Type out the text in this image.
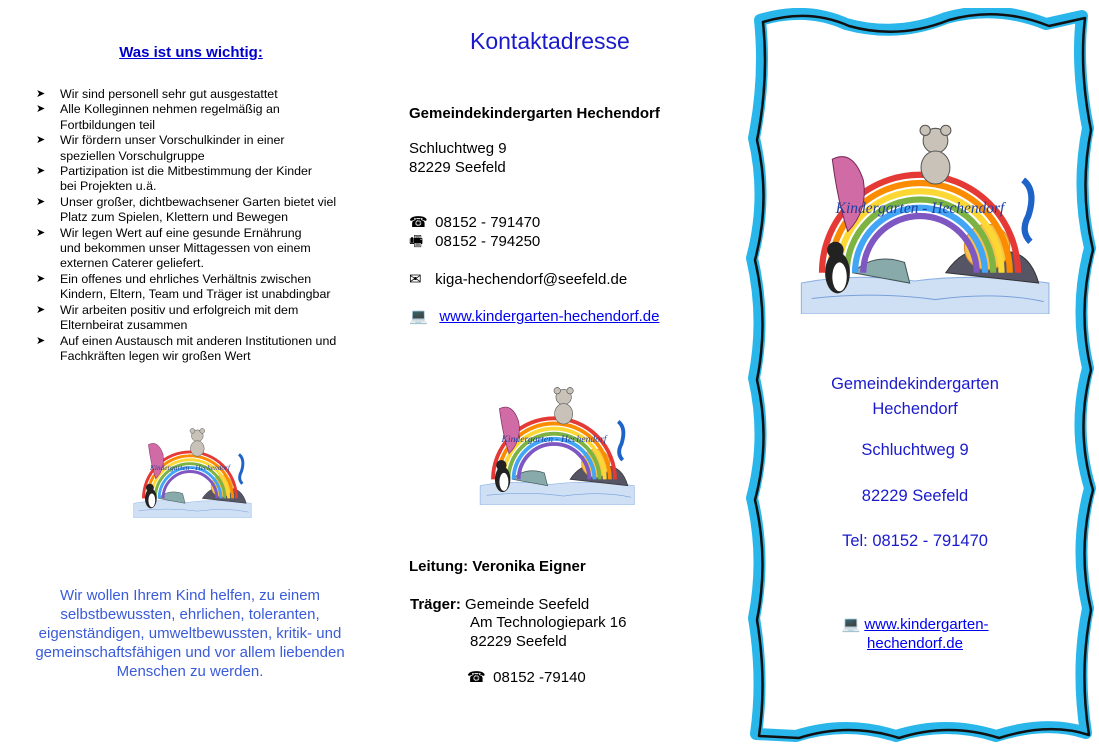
Was ist uns wichtig:
➤ Wir sind personell sehr gut ausgestattet
➤ Alle Kolleginnen nehmen regelmäßig an
Fortbildungen teil
➤ Wir fördern unser Vorschulkinder in einer
speziellen Vorschulgruppe
➤ Partizipation ist die Mitbestimmung der Kinder
bei Projekten u.ä.
➤ Unser großer, dichtbewachsener Garten bietet viel
Platz zum Spielen, Klettern und Bewegen
➤ Wir legen Wert auf eine gesunde Ernährung
und bekommen unser Mittagessen von einem
externen Caterer geliefert.
➤ Ein offenes und ehrliches Verhältnis zwischen
Kindern, Eltern, Team und Träger ist unabdingbar
➤ Wir arbeiten positiv und erfolgreich mit dem
Elternbeirat zusammen
➤ Auf einen Austausch mit anderen Institutionen und
Fachkräften legen wir großen Wert
Kindergarten - Hechendorf
Wir wollen Ihrem Kind helfen, zu einem
selbstbewussten, ehrlichen, toleranten,
eigenständigen, umweltbewussten, kritik- und
gemeinschaftsfähigen und vor allem liebenden
Menschen zu werden.
Kontaktadresse
Gemeindekindergarten Hechendorf
Schluchtweg 9
82229 Seefeld
☎ 08152 - 791470
🖷 08152 - 794250
✉ kiga-hechendorf@seefeld.de
💻 www.kindergarten-hechendorf.de
Kindergarten - Hechendorf
Leitung: Veronika Eigner
Träger: Gemeinde Seefeld
Am Technologiepark 16
82229 Seefeld
☎ 08152 -79140
Kindergarten - Hechendorf
Gemeindekindergarten
Hechendorf
Schluchtweg 9
82229 Seefeld
Tel: 08152 - 791470
💻 www.kindergarten-
hechendorf.de
